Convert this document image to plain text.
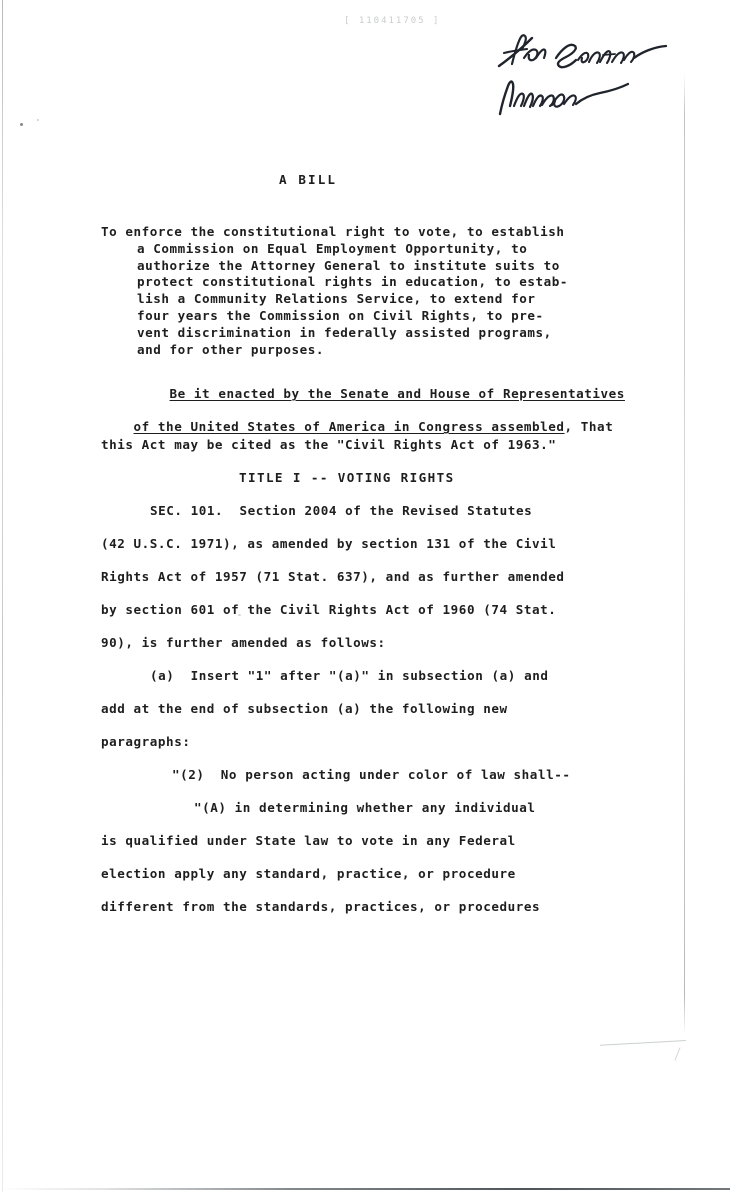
[ 110411705 ]
A BILL
To enforce the constitutional right to vote, to establish
a Commission on Equal Employment Opportunity, to
authorize the Attorney General to institute suits to
protect constitutional rights in education, to estab-
lish a Community Relations Service, to extend for
four years the Commission on Civil Rights, to pre-
vent discrimination in federally assisted programs,
and for other purposes.

Be it enacted by the Senate and House of Representatives

of the United States of America in Congress assembled, That

this Act may be cited as the "Civil Rights Act of 1963."
TITLE I -- VOTING RIGHTS
SEC. 101.  Section 2004 of the Revised Statutes
(42 U.S.C. 1971), as amended by section 131 of the Civil
Rights Act of 1957 (71 Stat. 637), and as further amended
by section 601 of the Civil Rights Act of 1960 (74 Stat.
90), is further amended as follows:
(a)  Insert "1" after "(a)" in subsection (a) and
add at the end of subsection (a) the following new
paragraphs:
"(2)  No person acting under color of law shall--
"(A) in determining whether any individual
is qualified under State law to vote in any Federal
election apply any standard, practice, or procedure
different from the standards, practices, or procedures
